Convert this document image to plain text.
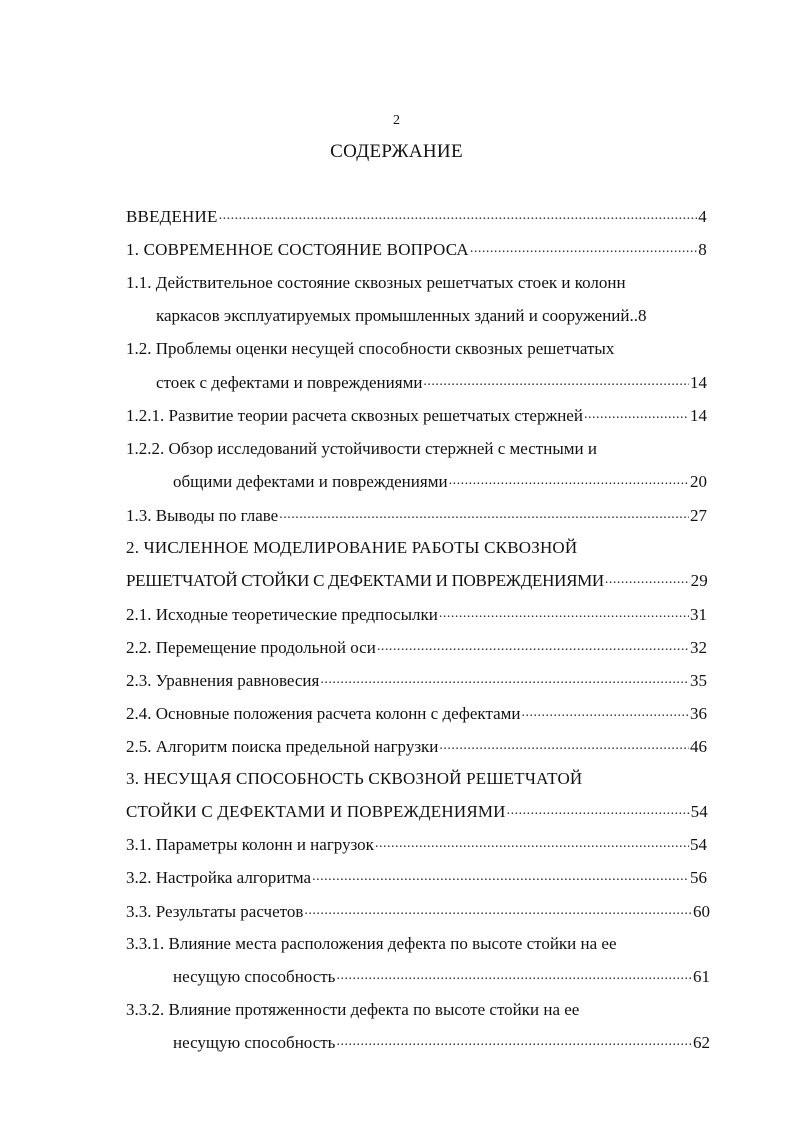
2
СОДЕРЖАНИЕ
ВВЕДЕНИЕ .....	4
1. СОВРЕМЕННОЕ СОСТОЯНИЕ ВОПРОСА .....	8
1.1. Действительное состояние сквозных решетчатых стоек и колонн
каркасов эксплуатируемых промышленных зданий и сооружений..8
1.2. Проблемы оценки несущей способности сквозных решетчатых
стоек с дефектами и повреждениями .....	14
1.2.1. Развитие теории расчета сквозных решетчатых стержней .....	14
1.2.2. Обзор исследований устойчивости стержней с местными и
общими дефектами и повреждениями .....	20
1.3. Выводы по главе .....	27
2. ЧИСЛЕННОЕ МОДЕЛИРОВАНИЕ РАБОТЫ СКВОЗНОЙ
РЕШЕТЧАТОЙ СТОЙКИ С ДЕФЕКТАМИ И ПОВРЕЖДЕНИЯМИ .....	29
2.1. Исходные теоретические предпосылки .....	31
2.2. Перемещение продольной оси .....	32
2.3. Уравнения равновесия .....	35
2.4. Основные положения расчета колонн с дефектами .....	36
2.5. Алгоритм поиска предельной нагрузки .....	46
3. НЕСУЩАЯ СПОСОБНОСТЬ СКВОЗНОЙ РЕШЕТЧАТОЙ
СТОЙКИ С ДЕФЕКТАМИ И ПОВРЕЖДЕНИЯМИ .....	54
3.1. Параметры колонн и нагрузок .....	54
3.2. Настройка алгоритма .....	56
3.3. Результаты расчетов .....	60
3.3.1. Влияние места расположения дефекта по высоте стойки на ее
несущую способность .....	61
3.3.2. Влияние протяженности дефекта по высоте стойки на ее
несущую способность .....	62
